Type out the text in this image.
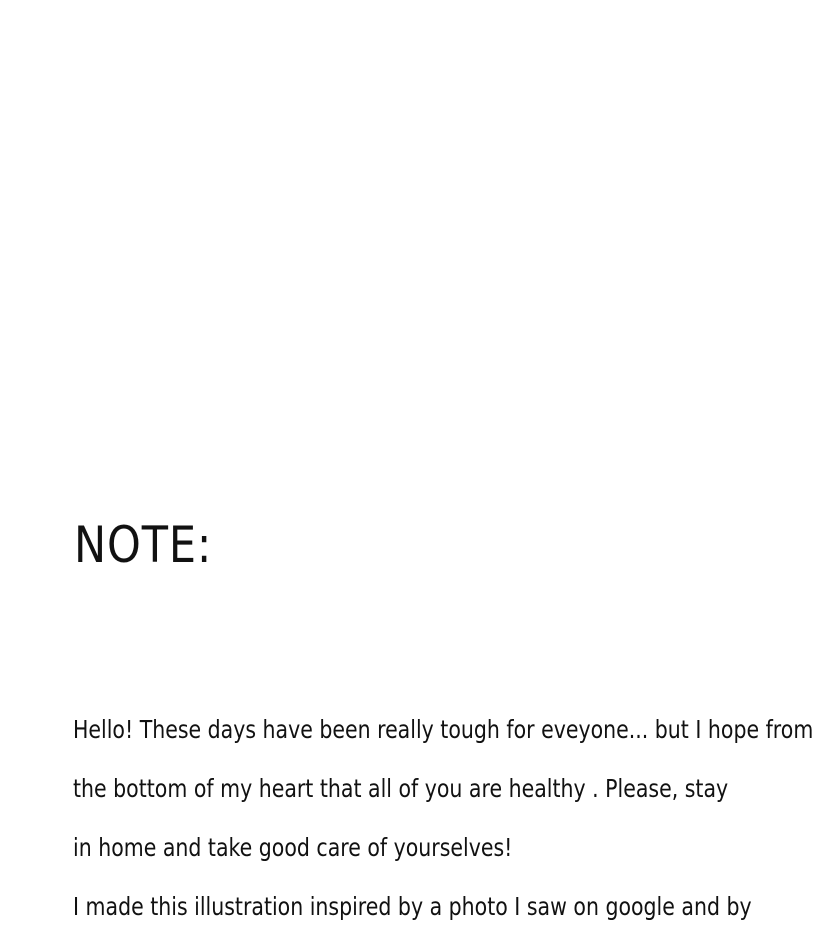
NOTE:

Hello! These days have been really tough for eveyone... but I hope from

the bottom of my heart that all of you are healthy . Please, stay

in home and take good care of yourselves!

I made this illustration inspired by a photo I saw on google and by
